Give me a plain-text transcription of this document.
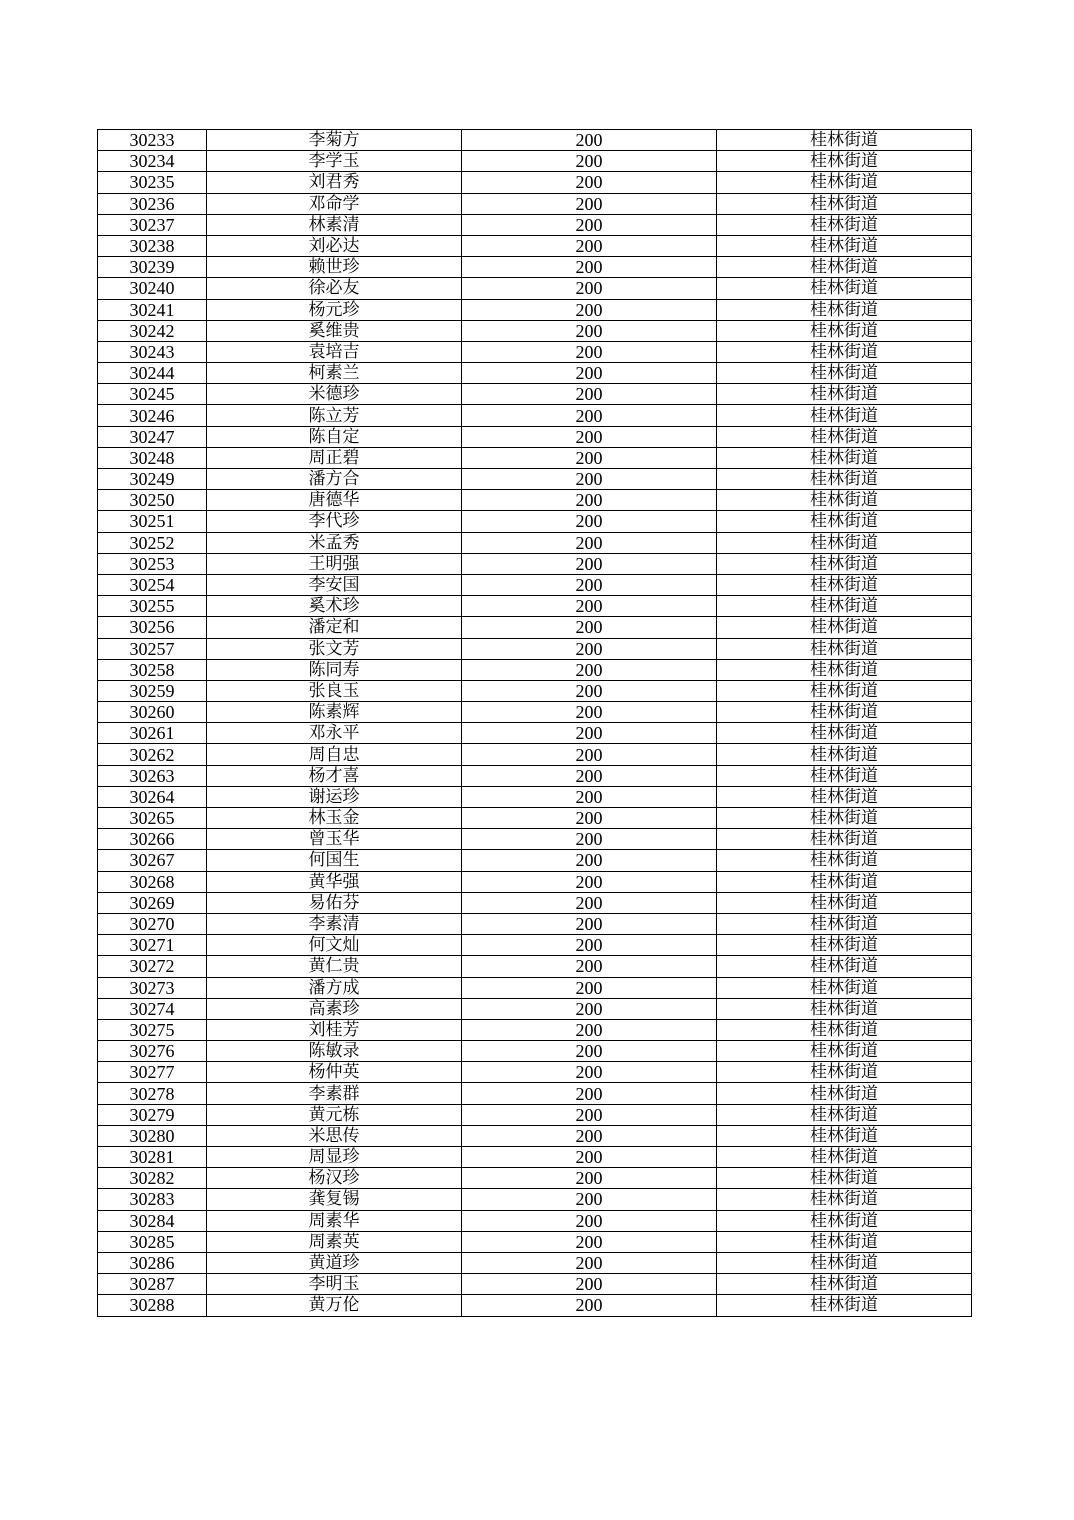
30233	李菊方	200	桂林街道
30234	李学玉	200	桂林街道
30235	刘君秀	200	桂林街道
30236	邓命学	200	桂林街道
30237	林素清	200	桂林街道
30238	刘必达	200	桂林街道
30239	赖世珍	200	桂林街道
30240	徐必友	200	桂林街道
30241	杨元珍	200	桂林街道
30242	奚维贵	200	桂林街道
30243	袁培吉	200	桂林街道
30244	柯素兰	200	桂林街道
30245	米德珍	200	桂林街道
30246	陈立芳	200	桂林街道
30247	陈自定	200	桂林街道
30248	周正碧	200	桂林街道
30249	潘方合	200	桂林街道
30250	唐德华	200	桂林街道
30251	李代珍	200	桂林街道
30252	米孟秀	200	桂林街道
30253	王明强	200	桂林街道
30254	李安国	200	桂林街道
30255	奚术珍	200	桂林街道
30256	潘定和	200	桂林街道
30257	张文芳	200	桂林街道
30258	陈同寿	200	桂林街道
30259	张良玉	200	桂林街道
30260	陈素辉	200	桂林街道
30261	邓永平	200	桂林街道
30262	周自忠	200	桂林街道
30263	杨才喜	200	桂林街道
30264	谢运珍	200	桂林街道
30265	林玉金	200	桂林街道
30266	曾玉华	200	桂林街道
30267	何国生	200	桂林街道
30268	黄华强	200	桂林街道
30269	易佑芬	200	桂林街道
30270	李素清	200	桂林街道
30271	何文灿	200	桂林街道
30272	黄仁贵	200	桂林街道
30273	潘方成	200	桂林街道
30274	高素珍	200	桂林街道
30275	刘桂芳	200	桂林街道
30276	陈敏录	200	桂林街道
30277	杨仲英	200	桂林街道
30278	李素群	200	桂林街道
30279	黄元栋	200	桂林街道
30280	米思传	200	桂林街道
30281	周显珍	200	桂林街道
30282	杨汉珍	200	桂林街道
30283	龚复锡	200	桂林街道
30284	周素华	200	桂林街道
30285	周素英	200	桂林街道
30286	黄道珍	200	桂林街道
30287	李明玉	200	桂林街道
30288	黄万伦	200	桂林街道
